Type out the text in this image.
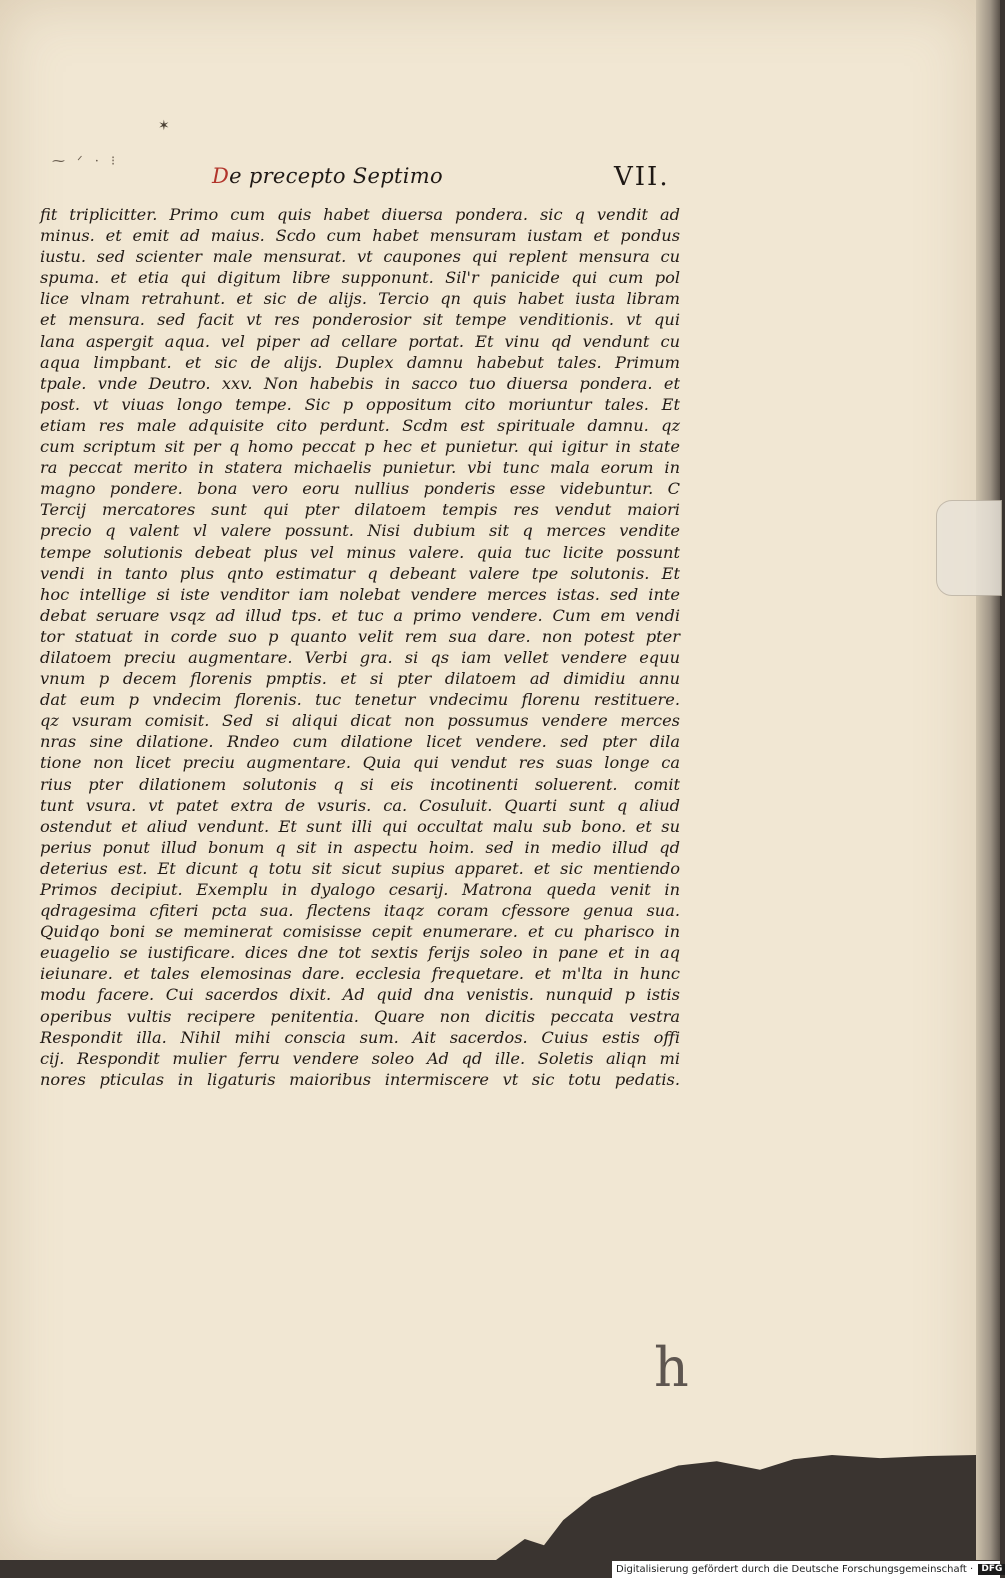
✶
⁓ ᐟ · ⁝
De precepto Septimo	VII.
fit triplicitter. Primo cum quis habet diuersa pondera. sic q vendit ad
minus. et emit ad maius. Scdo cum habet mensuram iustam et pondus
iustu. sed scienter male mensurat. vt caupones qui replent mensura cu
spuma. et etia qui digitum libre supponunt. Sil'r panicide qui cum pol
lice vlnam retrahunt. et sic de alijs. Tercio qn quis habet iusta libram
et mensura. sed facit vt res ponderosior sit tempe venditionis. vt qui
lana aspergit aqua. vel piper ad cellare portat. Et vinu qd vendunt cu
aqua limpbant. et sic de alijs. Duplex damnu habebut tales. Primum
tpale. vnde Deutro. xxv. Non habebis in sacco tuo diuersa pondera. et
post. vt viuas longo tempe. Sic p oppositum cito moriuntur tales. Et
etiam res male adquisite cito perdunt. Scdm est spirituale damnu. qz
cum scriptum sit per q homo peccat p hec et punietur. qui igitur in state
ra peccat merito in statera michaelis punietur. vbi tunc mala eorum in
magno pondere. bona vero eoru nullius ponderis esse videbuntur. C
Tercij mercatores sunt qui pter dilatoem tempis res vendut maiori
precio q valent vl valere possunt. Nisi dubium sit q merces vendite
tempe solutionis debeat plus vel minus valere. quia tuc licite possunt
vendi in tanto plus qnto estimatur q debeant valere tpe solutonis. Et
hoc intellige si iste venditor iam nolebat vendere merces istas. sed inte
debat seruare vsqz ad illud tps. et tuc a primo vendere. Cum em vendi
tor statuat in corde suo p quanto velit rem sua dare. non potest pter
dilatoem preciu augmentare. Verbi gra. si qs iam vellet vendere equu
vnum p decem florenis pmptis. et si pter dilatoem ad dimidiu annu
dat eum p vndecim florenis. tuc tenetur vndecimu florenu restituere.
qz vsuram comisit. Sed si aliqui dicat non possumus vendere merces
nras sine dilatione. Rndeo cum dilatione licet vendere. sed pter dila
tione non licet preciu augmentare. Quia qui vendut res suas longe ca
rius pter dilationem solutonis q si eis incotinenti soluerent. comit
tunt vsura. vt patet extra de vsuris. ca. Cosuluit. Quarti sunt q aliud
ostendut et aliud vendunt. Et sunt illi qui occultat malu sub bono. et su
perius ponut illud bonum q sit in aspectu hoim. sed in medio illud qd
deterius est. Et dicunt q totu sit sicut supius apparet. et sic mentiendo
Primos decipiut. Exemplu in dyalogo cesarij. Matrona queda venit in
qdragesima cfiteri pcta sua. flectens itaqz coram cfessore genua sua.
Quidqo boni se meminerat comisisse cepit enumerare. et cu pharisco in
euagelio se iustificare. dices dne tot sextis ferijs soleo in pane et in aq
ieiunare. et tales elemosinas dare. ecclesia frequetare. et m'lta in hunc
modu facere. Cui sacerdos dixit. Ad quid dna venistis. nunquid p istis
operibus vultis recipere penitentia. Quare non dicitis peccata vestra
Respondit illa. Nihil mihi conscia sum. Ait sacerdos. Cuius estis offi
cij. Respondit mulier ferru vendere soleo Ad qd ille. Soletis aliqn mi
nores pticulas in ligaturis maioribus intermiscere vt sic totu pedatis.
h
Digitalisierung gefördert durch die Deutsche Forschungsgemeinschaft · DFG
